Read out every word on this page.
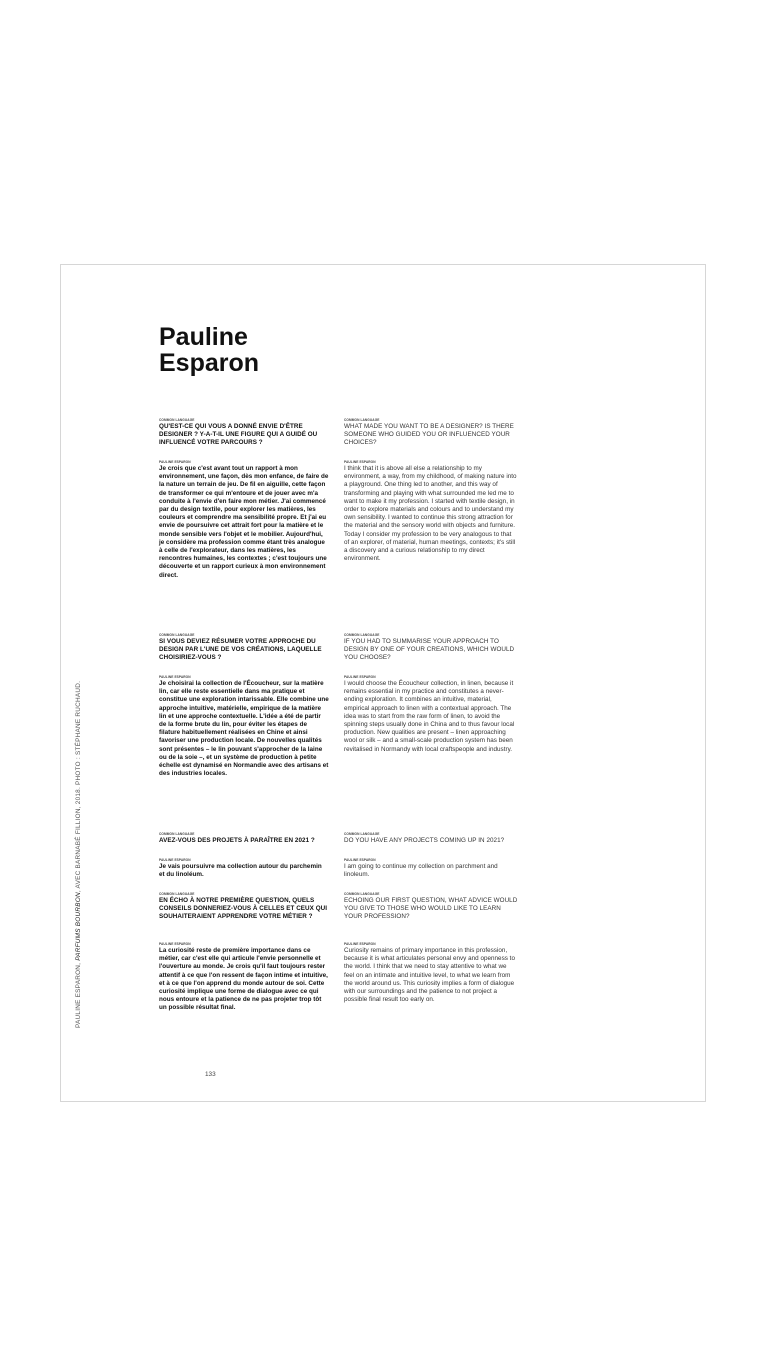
PAULINE ESPARON, PARFUMS BOURBON, AVEC BARNABÉ FILLION, 2018. PHOTO : STÉPHANE RUCHAUD.
Pauline
Esparon
COMMON LANGUAGE

QU'EST-CE QUI VOUS A DONNÉ ENVIE D'ÊTRE DESIGNER ? Y-A-T-IL UNE FIGURE QUI A GUIDÉ OU INFLUENCÉ VOTRE PARCOURS ?

PAULINE ESPARON

Je crois que c'est avant tout un rapport à mon environnement, une façon, dès mon enfance, de faire de la nature un terrain de jeu. De fil en aiguille, cette façon de transformer ce qui m'entoure et de jouer avec m'a conduite à l'envie d'en faire mon métier. J'ai commencé par du design textile, pour explorer les matières, les couleurs et comprendre ma sensibilité propre. Et j'ai eu envie de poursuivre cet attrait fort pour la matière et le monde sensible vers l'objet et le mobilier. Aujourd'hui, je considère ma profession comme étant très analogue à celle de l'explorateur, dans les matières, les rencontres humaines, les contextes ; c'est toujours une découverte et un rapport curieux à mon environnement direct.

COMMON LANGUAGE

SI VOUS DEVIEZ RÉSUMER VOTRE APPROCHE DU DESIGN PAR L'UNE DE VOS CRÉATIONS, LAQUELLE CHOISIRIEZ-VOUS ?

PAULINE ESPARON

Je choisirai la collection de l'Écoucheur, sur la matière lin, car elle reste essentielle dans ma pratique et constitue une exploration intarissable. Elle combine une approche intuitive, matérielle, empirique de la matière lin et une approche contextuelle. L'idée a été de partir de la forme brute du lin, pour éviter les étapes de filature habituellement réalisées en Chine et ainsi favoriser une production locale. De nouvelles qualités sont présentes – le lin pouvant s'approcher de la laine ou de la soie –, et un système de production à petite échelle est dynamisé en Normandie avec des artisans et des industries locales.

COMMON LANGUAGE

AVEZ-VOUS DES PROJETS À PARAÎTRE EN 2021 ?

PAULINE ESPARON

Je vais poursuivre ma collection autour du parchemin et du linoléum.

COMMON LANGUAGE

EN ÉCHO À NOTRE PREMIÈRE QUESTION, QUELS CONSEILS DONNERIEZ-VOUS À CELLES ET CEUX QUI SOUHAITERAIENT APPRENDRE VOTRE MÉTIER ?

PAULINE ESPARON

La curiosité reste de première importance dans ce métier, car c'est elle qui articule l'envie personnelle et l'ouverture au monde. Je crois qu'il faut toujours rester attentif à ce que l'on ressent de façon intime et intuitive, et à ce que l'on apprend du monde autour de soi. Cette curiosité implique une forme de dialogue avec ce qui nous entoure et la patience de ne pas projeter trop tôt un possible résultat final.

COMMON LANGUAGE

WHAT MADE YOU WANT TO BE A DESIGNER? IS THERE SOMEONE WHO GUIDED YOU OR INFLUENCED YOUR CHOICES?

PAULINE ESPARON

I think that it is above all else a relationship to my environment, a way, from my childhood, of making nature into a playground. One thing led to another, and this way of transforming and playing with what surrounded me led me to want to make it my profession. I started with textile design, in order to explore materials and colours and to understand my own sensibility. I wanted to continue this strong attraction for the material and the sensory world with objects and furniture. Today I consider my profession to be very analogous to that of an explorer, of material, human meetings, contexts; it's still a discovery and a curious relationship to my direct environment.

COMMON LANGUAGE

IF YOU HAD TO SUMMARISE YOUR APPROACH TO DESIGN BY ONE OF YOUR CREATIONS, WHICH WOULD YOU CHOOSE?

PAULINE ESPARON

I would choose the Écoucheur collection, in linen, because it remains essential in my practice and constitutes a never-ending exploration. It combines an intuitive, material, empirical approach to linen with a contextual approach. The idea was to start from the raw form of linen, to avoid the spinning steps usually done in China and to thus favour local production. New qualities are present – linen approaching wool or silk – and a small-scale production system has been revitalised in Normandy with local craftspeople and industry.

COMMON LANGUAGE

DO YOU HAVE ANY PROJECTS COMING UP IN 2021?

PAULINE ESPARON

I am going to continue my collection on parchment and linoleum.

COMMON LANGUAGE

ECHOING OUR FIRST QUESTION, WHAT ADVICE WOULD YOU GIVE TO THOSE WHO WOULD LIKE TO LEARN YOUR PROFESSION?

PAULINE ESPARON

Curiosity remains of primary importance in this profession, because it is what articulates personal envy and openness to the world. I think that we need to stay attentive to what we feel on an intimate and intuitive level, to what we learn from the world around us. This curiosity implies a form of dialogue with our surroundings and the patience to not project a possible final result too early on.

133
